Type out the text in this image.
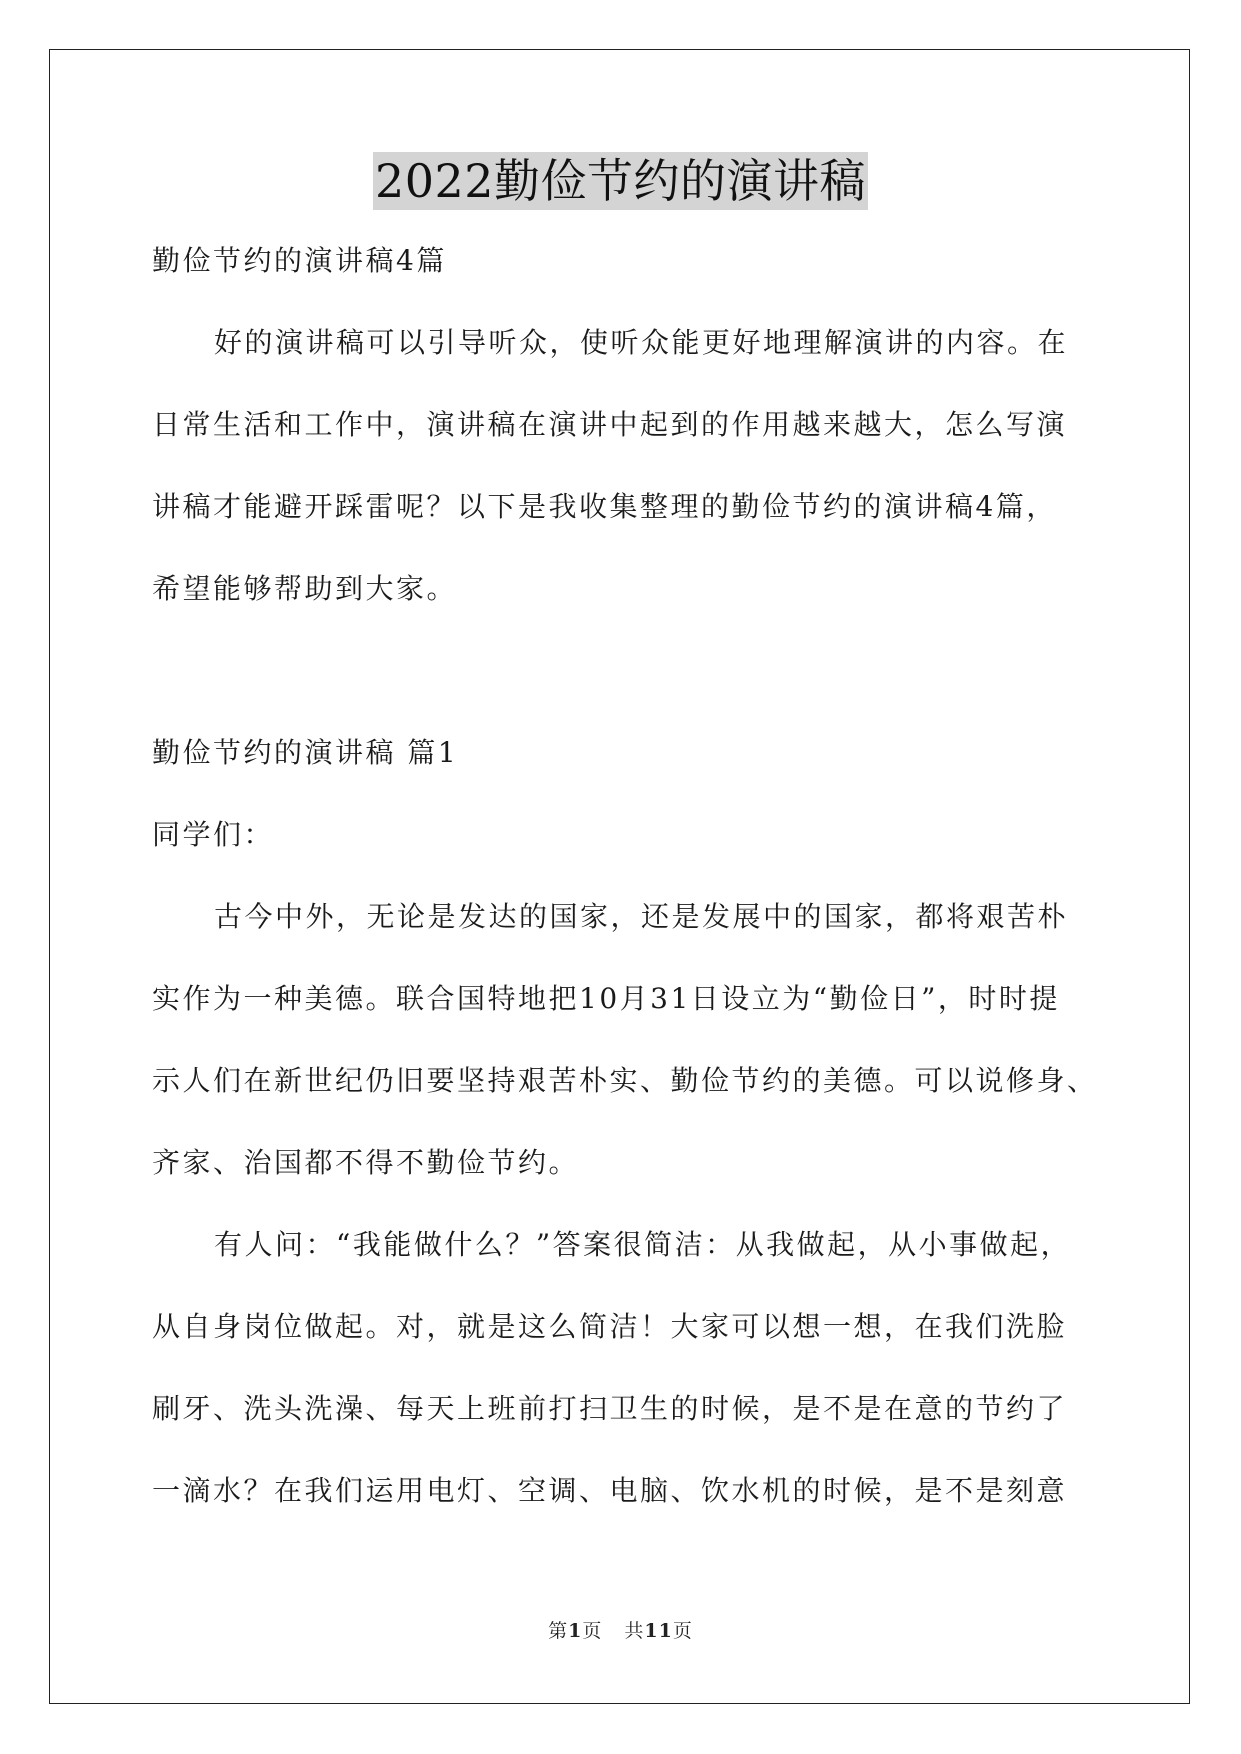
2022勤俭节约的演讲稿
勤俭节约的演讲稿4篇
好的演讲稿可以引导听众，使听众能更好地理解演讲的内容。在
日常生活和工作中，演讲稿在演讲中起到的作用越来越大，怎么写演
讲稿才能避开踩雷呢？以下是我收集整理的勤俭节约的演讲稿4篇，
希望能够帮助到大家。
勤俭节约的演讲稿 篇1
同学们：
古今中外，无论是发达的国家，还是发展中的国家，都将艰苦朴
实作为一种美德。联合国特地把10月31日设立为“勤俭日”，时时提
示人们在新世纪仍旧要坚持艰苦朴实、勤俭节约的美德。可以说修身、
齐家、治国都不得不勤俭节约。
有人问：“我能做什么？”答案很简洁：从我做起，从小事做起，
从自身岗位做起。对，就是这么简洁！大家可以想一想，在我们洗脸
刷牙、洗头洗澡、每天上班前打扫卫生的时候，是不是在意的节约了
一滴水？在我们运用电灯、空调、电脑、饮水机的时候，是不是刻意
第1页 共11页
